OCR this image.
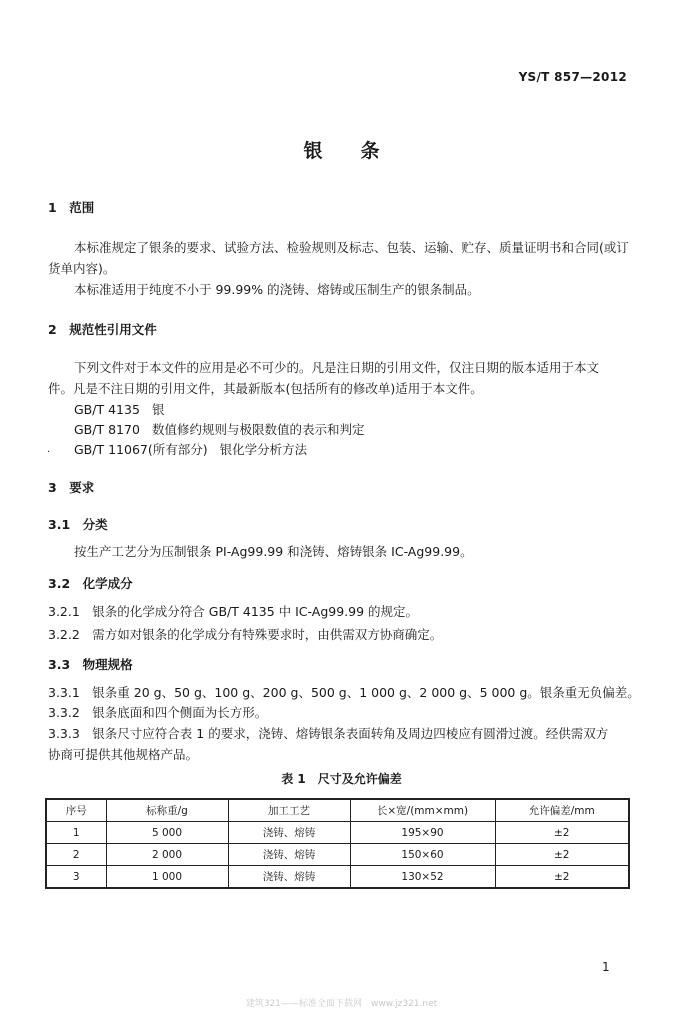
YS/T 857—2012
银条
1　范围
本标准规定了银条的要求、试验方法、检验规则及标志、包装、运输、贮存、质量证明书和合同(或订
货单内容)。
本标准适用于纯度不小于 99.99% 的浇铸、熔铸或压制生产的银条制品。
2　规范性引用文件
下列文件对于本文件的应用是必不可少的。凡是注日期的引用文件，仅注日期的版本适用于本文
件。凡是不注日期的引用文件，其最新版本(包括所有的修改单)适用于本文件。
GB/T 4135 银
GB/T 8170 数值修约规则与极限数值的表示和判定
GB/T 11067(所有部分) 银化学分析方法
·
3　要求
3.1　分类
按生产工艺分为压制银条 PI-Ag99.99 和浇铸、熔铸银条 IC-Ag99.99。
3.2　化学成分
3.2.1　银条的化学成分符合 GB/T 4135 中 IC-Ag99.99 的规定。
3.2.2　需方如对银条的化学成分有特殊要求时，由供需双方协商确定。
3.3　物理规格
3.3.1　银条重 20 g、50 g、100 g、200 g、500 g、1 000 g、2 000 g、5 000 g。银条重无负偏差。
3.3.2　银条底面和四个侧面为长方形。
3.3.3　银条尺寸应符合表 1 的要求，浇铸、熔铸银条表面转角及周边四棱应有圆滑过渡。经供需双方
协商可提供其他规格产品。
表 1　尺寸及允许偏差
序号	标称重/g	加工工艺	长×宽/(mm×mm)	允许偏差/mm
1	5 000	浇铸、熔铸	195×90	±2
2	2 000	浇铸、熔铸	150×60	±2
3	1 000	浇铸、熔铸	130×52	±2
1
建筑321——标准全面下载网　www.jz321.net
